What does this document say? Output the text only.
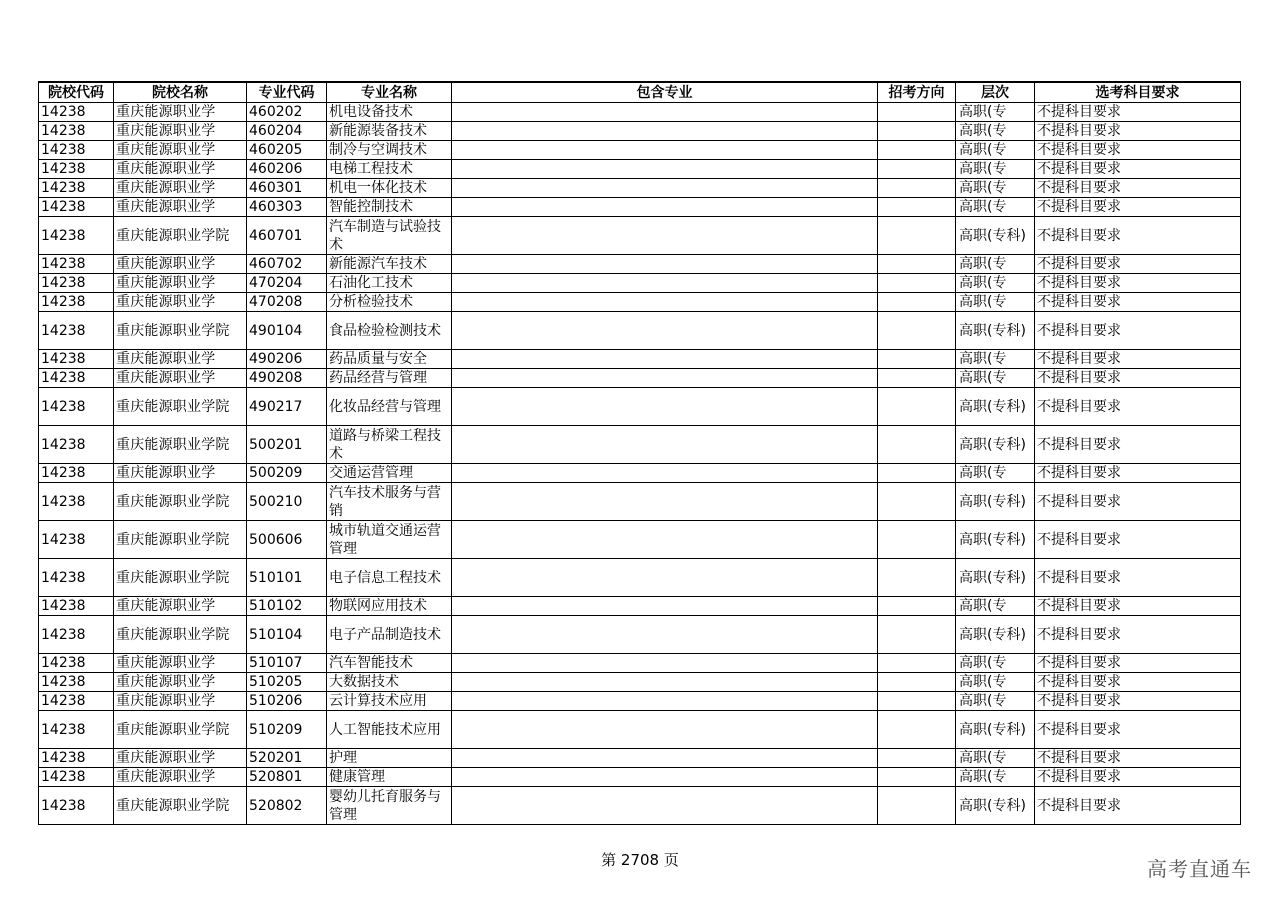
院校代码	院校名称	专业代码	专业名称	包含专业	招考方向	层次	选考科目要求
14238	重庆能源职业学	460202	机电设备技术			高职(专	不提科目要求
14238	重庆能源职业学	460204	新能源装备技术			高职(专	不提科目要求
14238	重庆能源职业学	460205	制冷与空调技术			高职(专	不提科目要求
14238	重庆能源职业学	460206	电梯工程技术			高职(专	不提科目要求
14238	重庆能源职业学	460301	机电一体化技术			高职(专	不提科目要求
14238	重庆能源职业学	460303	智能控制技术			高职(专	不提科目要求
14238	重庆能源职业学院	460701	汽车制造与试验技术			高职(专科)	不提科目要求
14238	重庆能源职业学	460702	新能源汽车技术			高职(专	不提科目要求
14238	重庆能源职业学	470204	石油化工技术			高职(专	不提科目要求
14238	重庆能源职业学	470208	分析检验技术			高职(专	不提科目要求
14238	重庆能源职业学院	490104	食品检验检测技术			高职(专科)	不提科目要求
14238	重庆能源职业学	490206	药品质量与安全			高职(专	不提科目要求
14238	重庆能源职业学	490208	药品经营与管理			高职(专	不提科目要求
14238	重庆能源职业学院	490217	化妆品经营与管理			高职(专科)	不提科目要求
14238	重庆能源职业学院	500201	道路与桥梁工程技术			高职(专科)	不提科目要求
14238	重庆能源职业学	500209	交通运营管理			高职(专	不提科目要求
14238	重庆能源职业学院	500210	汽车技术服务与营销			高职(专科)	不提科目要求
14238	重庆能源职业学院	500606	城市轨道交通运营管理			高职(专科)	不提科目要求
14238	重庆能源职业学院	510101	电子信息工程技术			高职(专科)	不提科目要求
14238	重庆能源职业学	510102	物联网应用技术			高职(专	不提科目要求
14238	重庆能源职业学院	510104	电子产品制造技术			高职(专科)	不提科目要求
14238	重庆能源职业学	510107	汽车智能技术			高职(专	不提科目要求
14238	重庆能源职业学	510205	大数据技术			高职(专	不提科目要求
14238	重庆能源职业学	510206	云计算技术应用			高职(专	不提科目要求
14238	重庆能源职业学院	510209	人工智能技术应用			高职(专科)	不提科目要求
14238	重庆能源职业学	520201	护理			高职(专	不提科目要求
14238	重庆能源职业学	520801	健康管理			高职(专	不提科目要求
14238	重庆能源职业学院	520802	婴幼儿托育服务与管理			高职(专科)	不提科目要求
第 2708 页	高考直通车
